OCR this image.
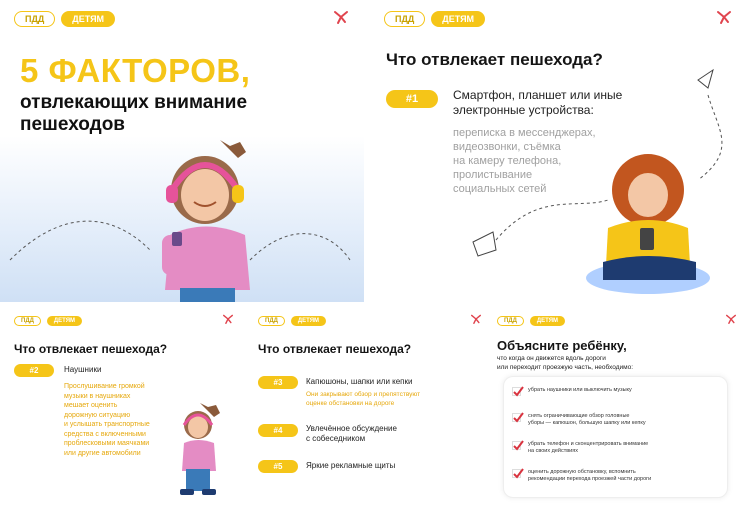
ПДД	ДЕТЯМ
5 ФАКТОРОВ,
отвлекающих внимание
пешеходов
ПДД	ДЕТЯМ
Что отвлекает пешехода?
#1	Смартфон, планшет или иные
электронные устройства:
переписка в мессенджерах,
видеозвонки, съёмка
на камеру телефона,
пролистывание
социальных сетей
ПДД	ДЕТЯМ
Что отвлекает пешехода?
#2	Наушники
Прослушивание громкой
музыки в наушниках
мешает оценить
дорожную ситуацию
и услышать транспортные
средства с включенными
проблесковыми маячками
или другие автомобили
ПДД	ДЕТЯМ
Что отвлекает пешехода?
#3	Капюшоны, шапки или кепки
Они закрывают обзор и препятствуют
оценке обстановки на дороге
#4	Увлечённое обсуждение
с собеседником
#5	Яркие рекламные щиты
ПДД	ДЕТЯМ
Объясните ребёнку,
что когда он движется вдоль дороги
или переходит проезжую часть, необходимо:
убрать наушники или выключить музыку
снять ограничивающие обзор головные
уборы — капюшон, большую шапку или кепку
убрать телефон и сконцентрировать внимание
на своих действиях
оценить дорожную обстановку, вспомнить
рекомендации перехода проезжей части дороги
